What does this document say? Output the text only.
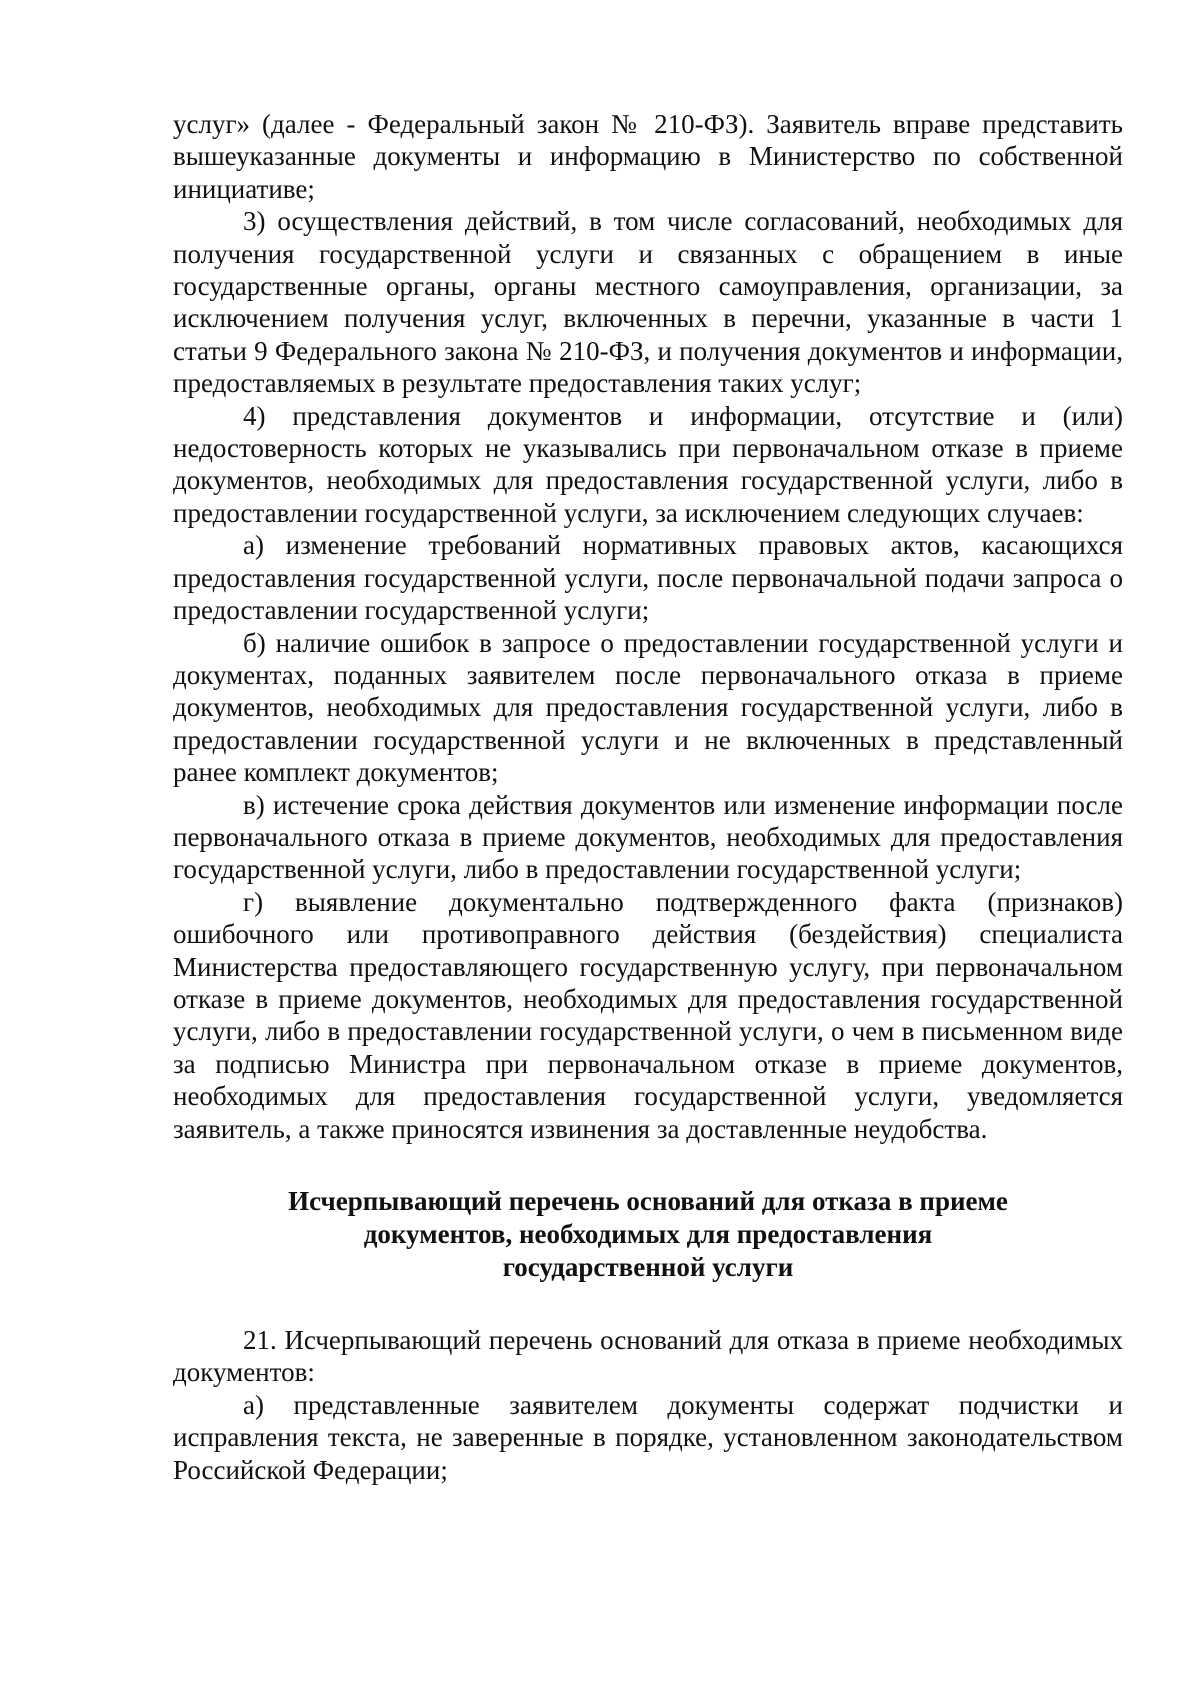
услуг» (далее - Федеральный закон № 210-ФЗ). Заявитель вправе представить вышеуказанные документы и информацию в Министерство по собственной инициативе;

3) осуществления действий, в том числе согласований, необходимых для получения государственной услуги и связанных с обращением в иные государственные органы, органы местного самоуправления, организации, за исключением получения услуг, включенных в перечни, указанные в части 1 статьи 9 Федерального закона № 210-ФЗ, и получения документов и информации, предоставляемых в результате предоставления таких услуг;

4) представления документов и информации, отсутствие и (или) недостоверность которых не указывались при первоначальном отказе в приеме документов, необходимых для предоставления государственной услуги, либо в предоставлении государственной услуги, за исключением следующих случаев:

а) изменение требований нормативных правовых актов, касающихся предоставления государственной услуги, после первоначальной подачи запроса о предоставлении государственной услуги;

б) наличие ошибок в запросе о предоставлении государственной услуги и документах, поданных заявителем после первоначального отказа в приеме документов, необходимых для предоставления государственной услуги, либо в предоставлении государственной услуги и не включенных в представленный ранее комплект документов;

в) истечение срока действия документов или изменение информации после первоначального отказа в приеме документов, необходимых для предоставления государственной услуги, либо в предоставлении государственной услуги;

г) выявление документально подтвержденного факта (признаков) ошибочного или противоправного действия (бездействия) специалиста Министерства предоставляющего государственную услугу, при первоначальном отказе в приеме документов, необходимых для предоставления государственной услуги, либо в предоставлении государственной услуги, о чем в письменном виде за подписью Министра при первоначальном отказе в приеме документов, необходимых для предоставления государственной услуги, уведомляется заявитель, а также приносятся извинения за доставленные неудобства.

Исчерпывающий перечень оснований для отказа в приеме
документов, необходимых для предоставления
государственной услуги

21. Исчерпывающий перечень оснований для отказа в приеме необходимых документов:

а) представленные заявителем документы содержат подчистки и исправления текста, не заверенные в порядке, установленном законодательством Российской Федерации;
